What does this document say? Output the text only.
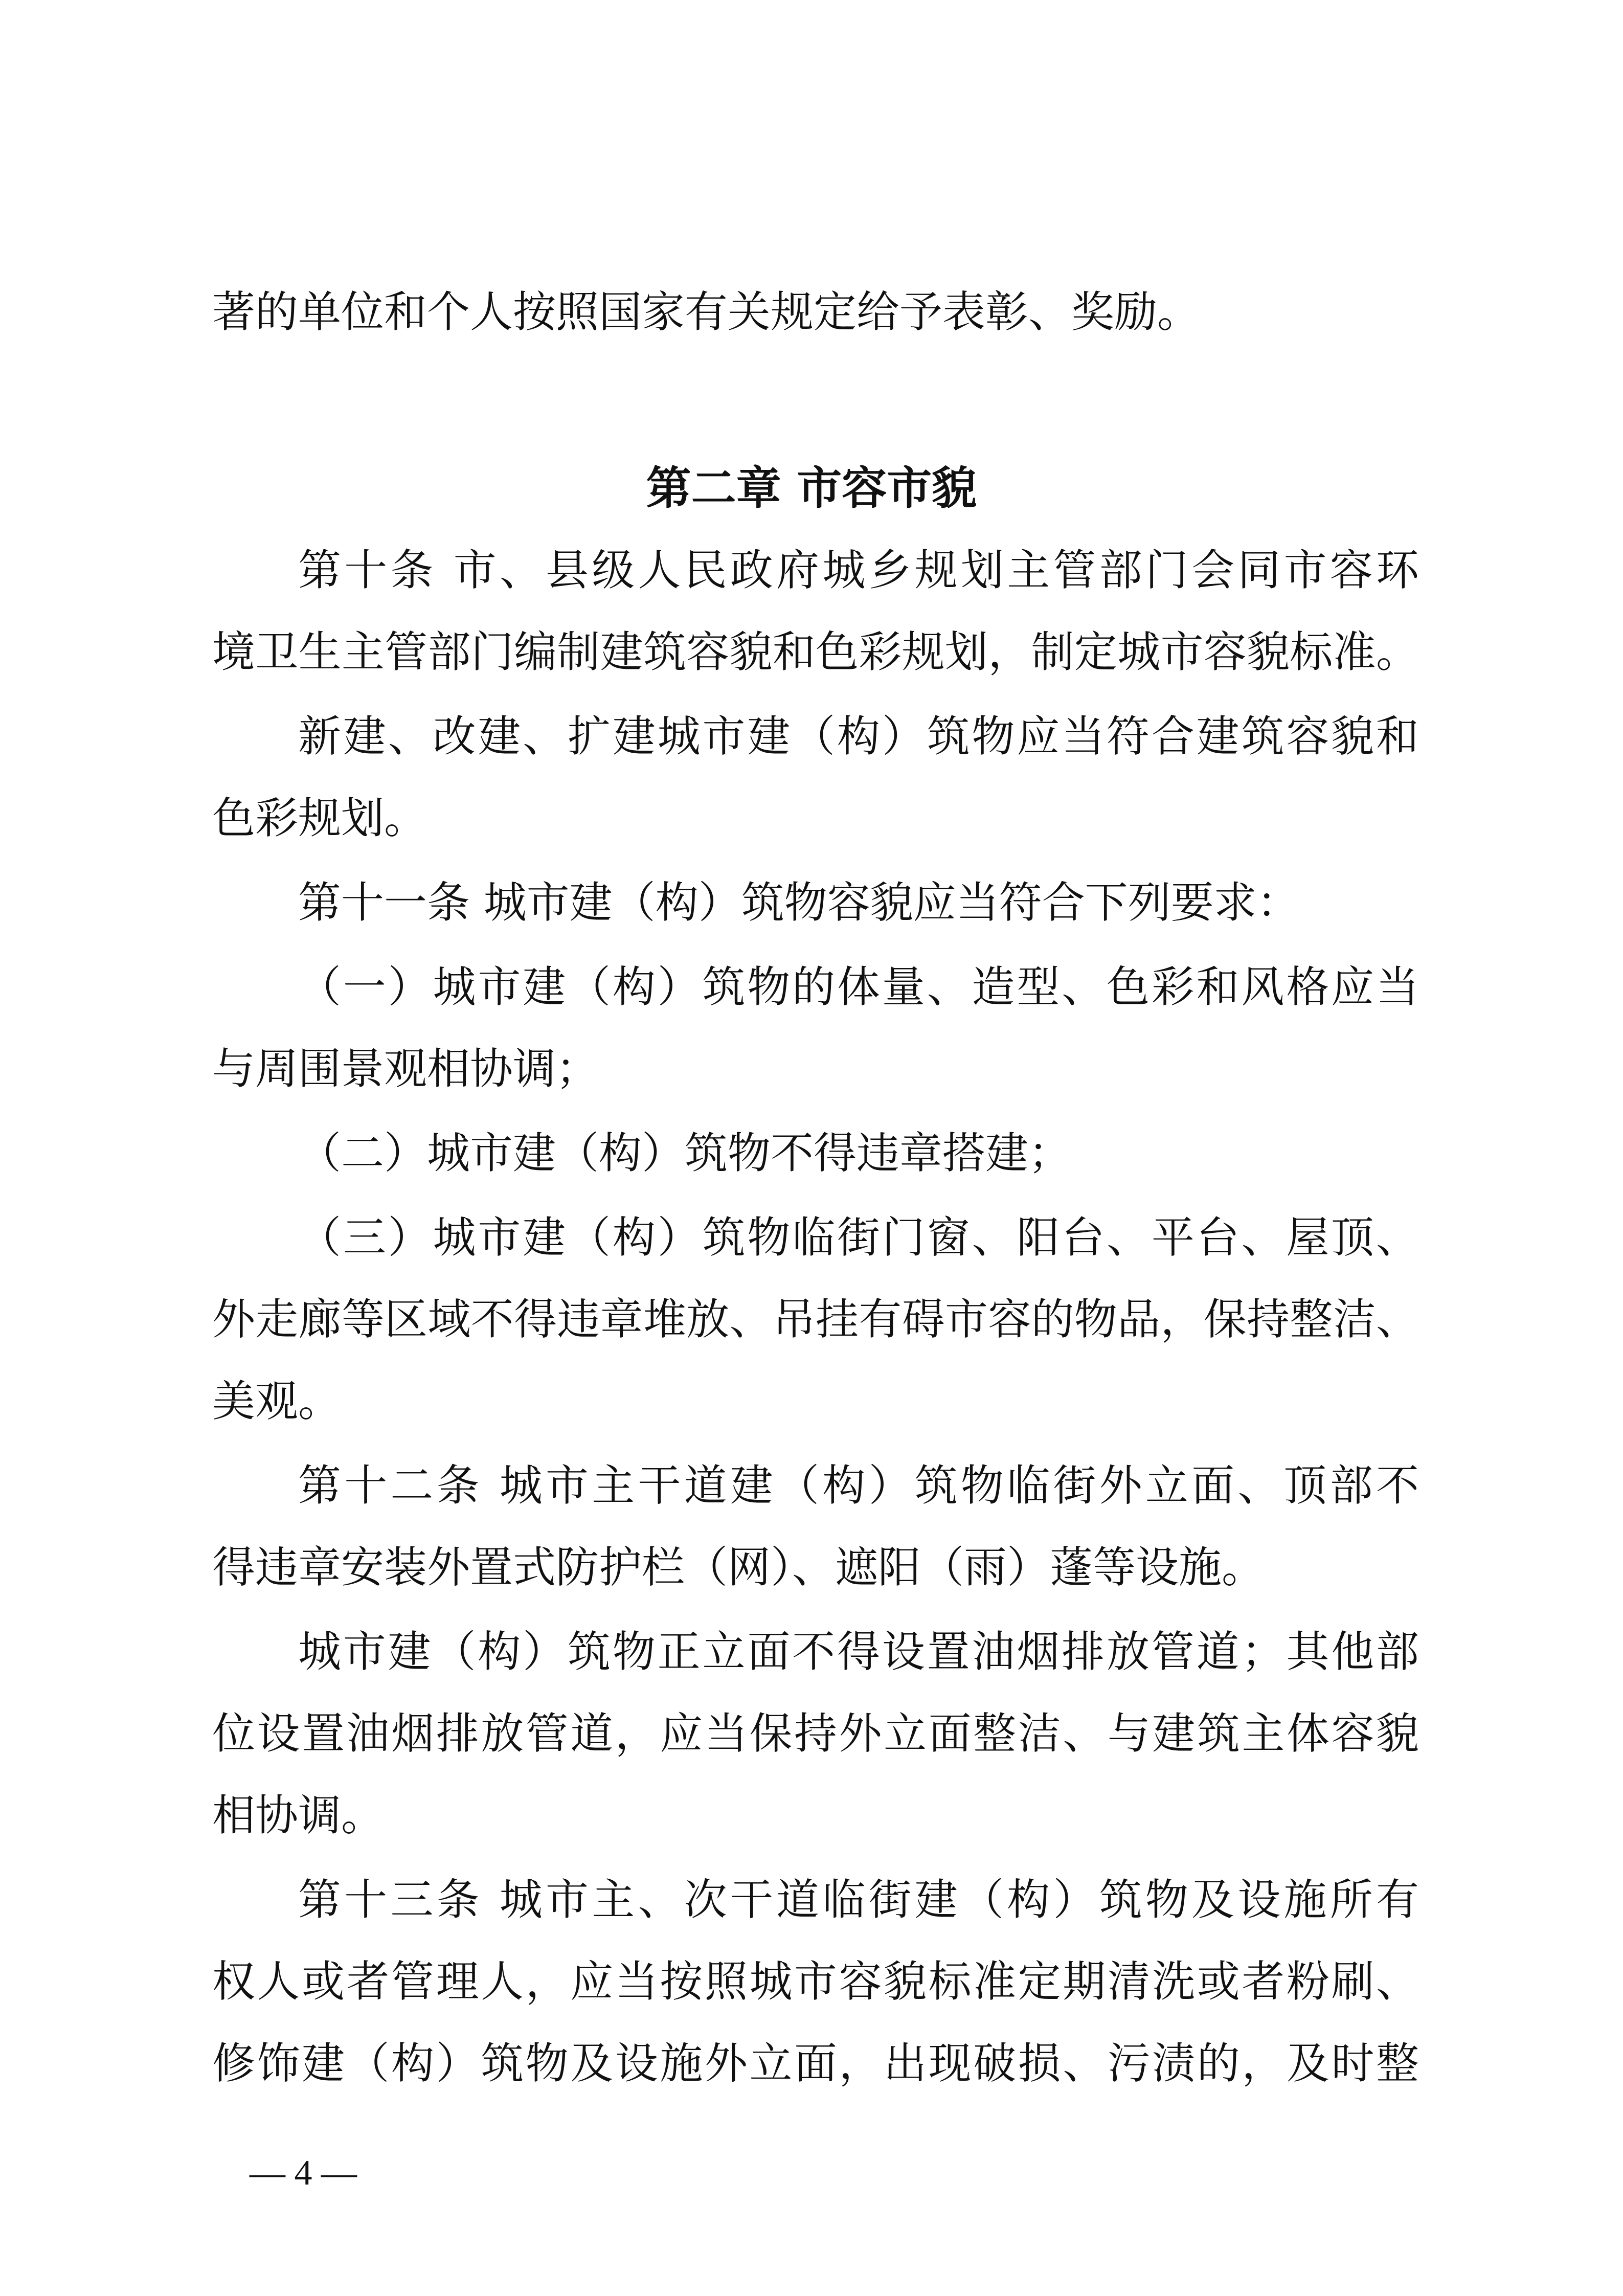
著的单位和个人按照国家有关规定给予表彰、奖励。
第二章 市容市貌
第十条 市、县级人民政府城乡规划主管部门会同市容环
境卫生主管部门编制建筑容貌和色彩规划，制定城市容貌标准。
新建、改建、扩建城市建（构）筑物应当符合建筑容貌和
色彩规划。
第十一条 城市建（构）筑物容貌应当符合下列要求：
（一）城市建（构）筑物的体量、造型、色彩和风格应当
与周围景观相协调；
（二）城市建（构）筑物不得违章搭建；
（三）城市建（构）筑物临街门窗、阳台、平台、屋顶、
外走廊等区域不得违章堆放、吊挂有碍市容的物品，保持整洁、
美观。
第十二条 城市主干道建（构）筑物临街外立面、顶部不
得违章安装外置式防护栏（网）、遮阳（雨）蓬等设施。
城市建（构）筑物正立面不得设置油烟排放管道；其他部
位设置油烟排放管道，应当保持外立面整洁、与建筑主体容貌
相协调。
第十三条 城市主、次干道临街建（构）筑物及设施所有
权人或者管理人，应当按照城市容貌标准定期清洗或者粉刷、
修饰建（构）筑物及设施外立面，出现破损、污渍的，及时整
— 4 —
